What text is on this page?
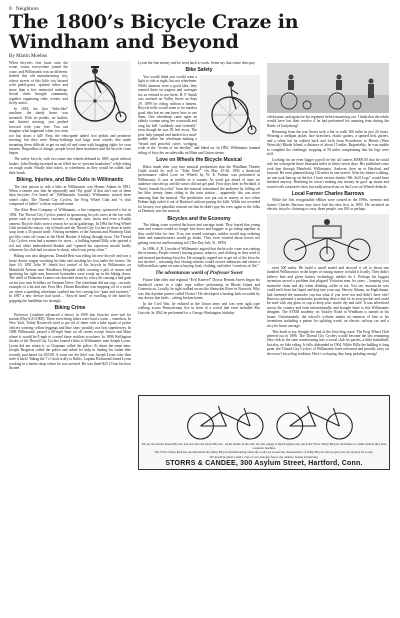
8 Neighbors
The 1800’s Bicycle Craze in Windham and Beyond
By Martin Moebus

When bicycles first burst onto the scene, towns everywhere joined the craze, and Willimantic was no different. Indeed this old manufacturing city, whose streets of this little city buzzed with pedal-goers, spirited riders and more than a few memorial mishaps. Social clubs brought community together organizing rides, events, and lively antics.

In 1818, the first “bike-like” machine, the dandy horse, was invented. With no pedals, no brakes, and limited steering, you pushed forward with your feet. You can imagine what happened when you went too fast down a hill! Next, the velocipede added foot pedals and primitive steering, but they were Penny-farthings had large front wheels that made mounting them difficult to get on and off and came with bragging rights for your injuries. Regardless of danger, people loved these machines and the bicycle craze began.

The safety bicycle, with two same size wheels debuted in 1885, again without brakes. John Dunlap invented an air filled tire to “prevent headaches” while riding on rough roads. Finally bike riders, or wheelmen, as they would be called, had their break.

Biking, Injuries, and Bike Cults in Willimantic

The first person to ride a bike in Willimantic was Homer Adams in 1881. When a farmer saw him he reportedly said “By gosh! If that ain’t one of them darn bicycles I’ve heard on” (Willimantic Journal). Willimantic started three wheel clubs: The Thread City Cyclers, the Frog Wheel Club and “a club composed of ladies” with no reported name.

The Alert Hose Company of Willimantic, a fire company, sponsored a fair in 1892. The Thread City Cyclers joined in sponsoring bicycle races at the fair with prizes such as typewriters, sweaters, a shotgun, suits, shoes and even a Kodak camera. Bicycle clubs were a reason for social gatherings. In 1894 the Frog Wheel Club invited the mayor, city officials and the Thread City Cyclers to share at turtle soup from a 35 pound turtle. Visiting members of the Ansonia and Winthrop Club got fifty cents off rooms at the Hotel Hooker if biking through town. The Thread City Cyclers even had a manner for races – a bulldog named Billy who sported a red and white embroidered blanket and “opened his capacious mouth loudly whenever his club had occasion to shout, which was pretty often.”

Biking was also dangerous. Donald Best was riding his new bicycle and saw a horse drawn wagon wrecking his bike and crushing his foot under the horses. On June 10, 1891 John W. Smith lost control of his bicycle in Willimantic on Mansfield Avenue near Woodlawn Hospital while crossing a pile of stones and spraining his right arm. Innocent bystanders were swept up in the biking chaos. The child of Honorine Cramer was knocked down by a bicycle causing a bad gash on his face near Schillers on Vermont Drive. The wheelman did not stop – an early example of a hit and run. Poor Mrs. Hiram Hawkline was stepping off of a street car when a speeding wheelman crashed into her cursing her “pain and soreness.” In 1897 a new dresser had stood – “bicycle hand” or swelling of the hand by gripping the handlebar too strongly.

Biking Crime

Professor Loudener advanced a theory in 1900 that bicycles were bad for morals (Day 6/21/1900). There even being riders were hard a water – somehow. In New York, Teddy Roosevelt tried to get rid of them with a bike squad of police officers wearing yellow leggings and blue caps- possibly our first superheroes. In 1896 Willimantic passed a 60-mph limit on all streets except Union and Main where it would be 8 mph to control these reckless scorchers. In 1896 Wellington Jacobs of the Thread City Cyclers loaned a bike to Willimantic man Joseph Lyons. Lyons did not return it, so Chapman called the police. At about the same time, Joseph Bergeron called the police and asked for help in finding his stolen bike recently purchased for $55.00. It turns out the thief was Joseph Lyons who then stole it back! Taking the 7 o’clock trolly to Baltic, Captain Richmond found Lyons working in a barber shop where he was arrested. He was fined $25.15 but his boss floated

Lyons the fine money and he went back to work. Some say that crime does pay.

Bike Safety

You would think you would want a light to ride at night, but not wheelmen. While lanterns were a good idea, they wanted them on wagons and carriages too so refused to use them. H. F. Smith was arrested on Valley Street on Sept 29, 1899 for riding without a lantern. Bicycle bells would seem to be another good idea but no one knew how to use them. One wheelman came upon an elderly woman using her crosswalk and rang his bell “suddenly and violently” even though he was 50 feet away. The poor lady jumped and landed in a mud-puddle while the wheelman making a “broad and graceful curve, swinging wide of the “victim of his deviltry” and biked on. In 1892, Willimantic banned riding of bicycles on sidewalks on Main and Union streets.

Love on Wheels the Bicycle Musical

Bikes made their way into musical productions that the Windham Theatre Guild would do well to “Take Note!” On May 25-26, 1892 a theatrical performance called Love on Wheels by W. E. Palmer was performed in Willimantic. It was as terrible as it sounds. As word got ahead of time, no audience showed up and the actors did not get paid. Four days later in Portland, it “booty female bicyclist” from the musical entertained the audience by falling off her bike twenty times riding to the train station – apparently this was more amusing than the musical. The production was put out in misery as two when Palmer high tailed it out of Hartford without paying the bills. While not recorded for history, two plausible reasons are that he didn’t pay his crew again or the folks of Danbury saw the musical.

Bicycles and the Economy

The biking craze worried the horse and carriage trade. They feared that young men and women would no longer hire horse and buggies to go riding together as they could bike for free. If no one rented carriages, stables would stop ordering them and manufacturers would go broke. They even worried about horses not getting exercise and becoming fat! (The Day July 31, 1895)

In 1896, A. B. Lincoln of Willimantic argued that the bicycle craze was ruining the economy. People weren’t buying pianos, tobacco, and clothing as they used to and instead purchasing bicycles. He strangely argued not to get rid of the bicycles but alcohol – reasoning that closing saloons would restore industries and return a billion dollars spent on rum to buying food, clothing, and other “comforts of life.”

The adventurous world of Professor Sweet

Future bike rider and regional “Evil Knievel” Doctor Benoni Sweet began his daredevil career as a tight rope walker performing in Rhode Island and Connecticut. Locally, he tight walked across the Shetucket River in Norwich. Why was this daytime printer called Doctor? He developed a healing herb recorded by any doctor that heals – setting broken bones.

In the Civil War, he enlisted in the Union army and was seen tight rope walking across Pennsylvania Ave in front of a crowd that even included Abe Lincoln. In 1862 he performed for a George Washington birthday

celebration, and again for his regiment before mustering out. I think that the rebels would have lost their resolve if he had performed his amazing feats during the Battle of Gettysburg!

Returning from the war Sweet took a bet to walk 100 miles in just 24 hours. Wearing a cardigan jacket, lace stretchers, elastic gaiters, a spotted belt, garters, and a white hat he walked back and forth from Providence to Phenix (West Warwick) Rhode Island, a distance of about 15 miles. Regrettably, he was unable to complete the challenge, stopping at 50 miles complaining that his legs were stiff.

Looking for an even bigger payoff he bet all comers $5000.00 that he could ride his velocipede three thousand miles in thirty-seven days. His published route took him through Plainfield, Willimantic, Andover, then on to Hartford, and beyond. He even planned doing 130 miles in one stretch. After his failure walking, no one took him up on the bet. I have serious doubts “Mr. Stiff Legs” would have finished anyway. Realizing he wasn’t making any money he gave up stunts and toured with a minstrel show but sadly missed out on the Love on Wheels debacle.

Local Farmer Charles Barrows

While the first recognizable eBikes were created in the 1990s, inventor and farmer Charles Barrows may have had the idea first in 1895. He invented an electric tricycle, claiming to carry three people, run 100 or perhaps

even 500 miles. He build a small model and showed it off to about one hundred Willimantics in the hopes of raising money to build it locally. They didn’t believe him and given battery technology neither do I. Perhaps his biggest invention served a problem that plagued Victorian men for years – keeping your mustache clean and dry when drinking coffee or tea. You see, moustache wax could melt from hot liquid and drip into your cup. Harvey Adams, an Englishman, had invented the mustache cup but what if you were not and didn’t have one? Barrows patented a moustache protecting device that fit in your pocket and could be used with any glass or cup to keep your stache dry and safe! It was advertised across the country and even internationally and brought fame to this Willimantic designer. The STEM academy on Tackley Road in Windham is named in his honor. Unfortunately, the school’s website makes no mention of him or his inventions including a patent for splitting wood, an electric railway car and a tricycle horse carriage.

This leads to my thought the end of the bicycling craze. The Frog Wheel Club petered out in 1896. The Thread City Cyclers would become the last remaining bike club as the state transforming into a social club for parties, a little basketball, but alas, no bike riding. It fully disbanded in 1904. While Billy the bulldog is long gone, the Thread City Cyclers of Willimantic have reformed and proudly carry on the town’s bicycling tradition. Here’s to hoping they keep pedaling strong!

All our records the fastest Bicycle, and now also the Sports Bicycle - all the marks on the safe. We will engage to match against any one in the Victor Safety Bicycle, and make no claims without they have a superior machine.
The Victor Safety Rick has revolutionized the Safety Bicycle manufacturing where the would yet exceed the characteristics of Safety Bicycle that we give you our apology for to-day.
We should be glad to send a copy of our catalogue free to any address. Seeing is believing.
STORRS & CANDEE, 300 Asylum Street, Hartford, Conn.
